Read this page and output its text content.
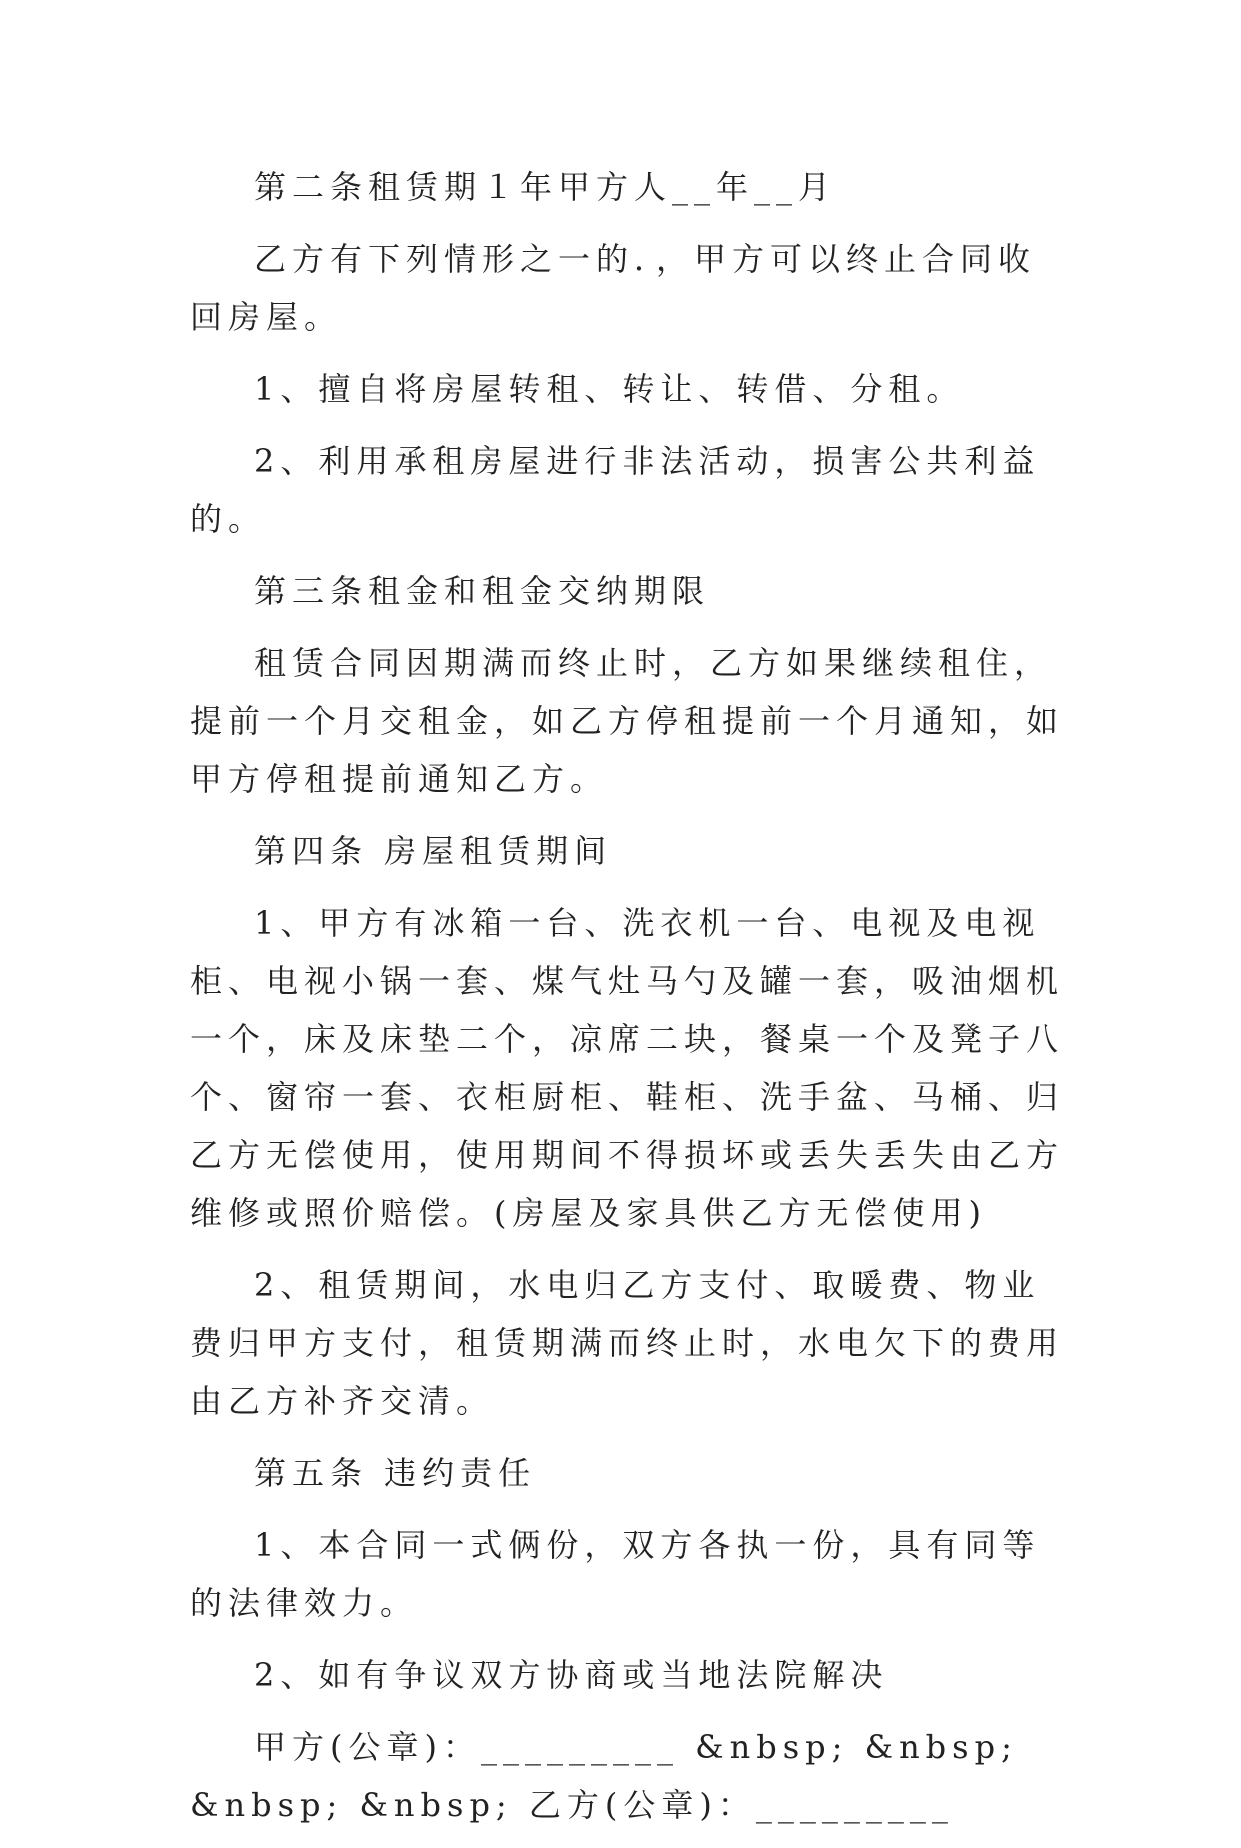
第二条租赁期１年甲方人__年__月

乙方有下列情形之一的．，甲方可以终止合同收回房屋。

1、擅自将房屋转租、转让、转借、分租。

2、利用承租房屋进行非法活动，损害公共利益的。

第三条租金和租金交纳期限

租赁合同因期满而终止时，乙方如果继续租住，提前一个月交租金，如乙方停租提前一个月通知，如甲方停租提前通知乙方。

第四条 房屋租赁期间

1、甲方有冰箱一台、洗衣机一台、电视及电视柜、电视小锅一套、煤气灶马勺及罐一套，吸油烟机一个，床及床垫二个，凉席二块，餐桌一个及凳子八个、窗帘一套、衣柜厨柜、鞋柜、洗手盆、马桶、归乙方无偿使用，使用期间不得损坏或丢失丢失由乙方维修或照价赔偿。(房屋及家具供乙方无偿使用)

2、租赁期间，水电归乙方支付、取暖费、物业费归甲方支付，租赁期满而终止时，水电欠下的费用由乙方补齐交清。

第五条 违约责任

1、本合同一式俩份，双方各执一份，具有同等的法律效力。

2、如有争议双方协商或当地法院解决

甲方(公章)：_________ &nbsp; &nbsp; &nbsp; &nbsp; 乙方(公章)：_________
